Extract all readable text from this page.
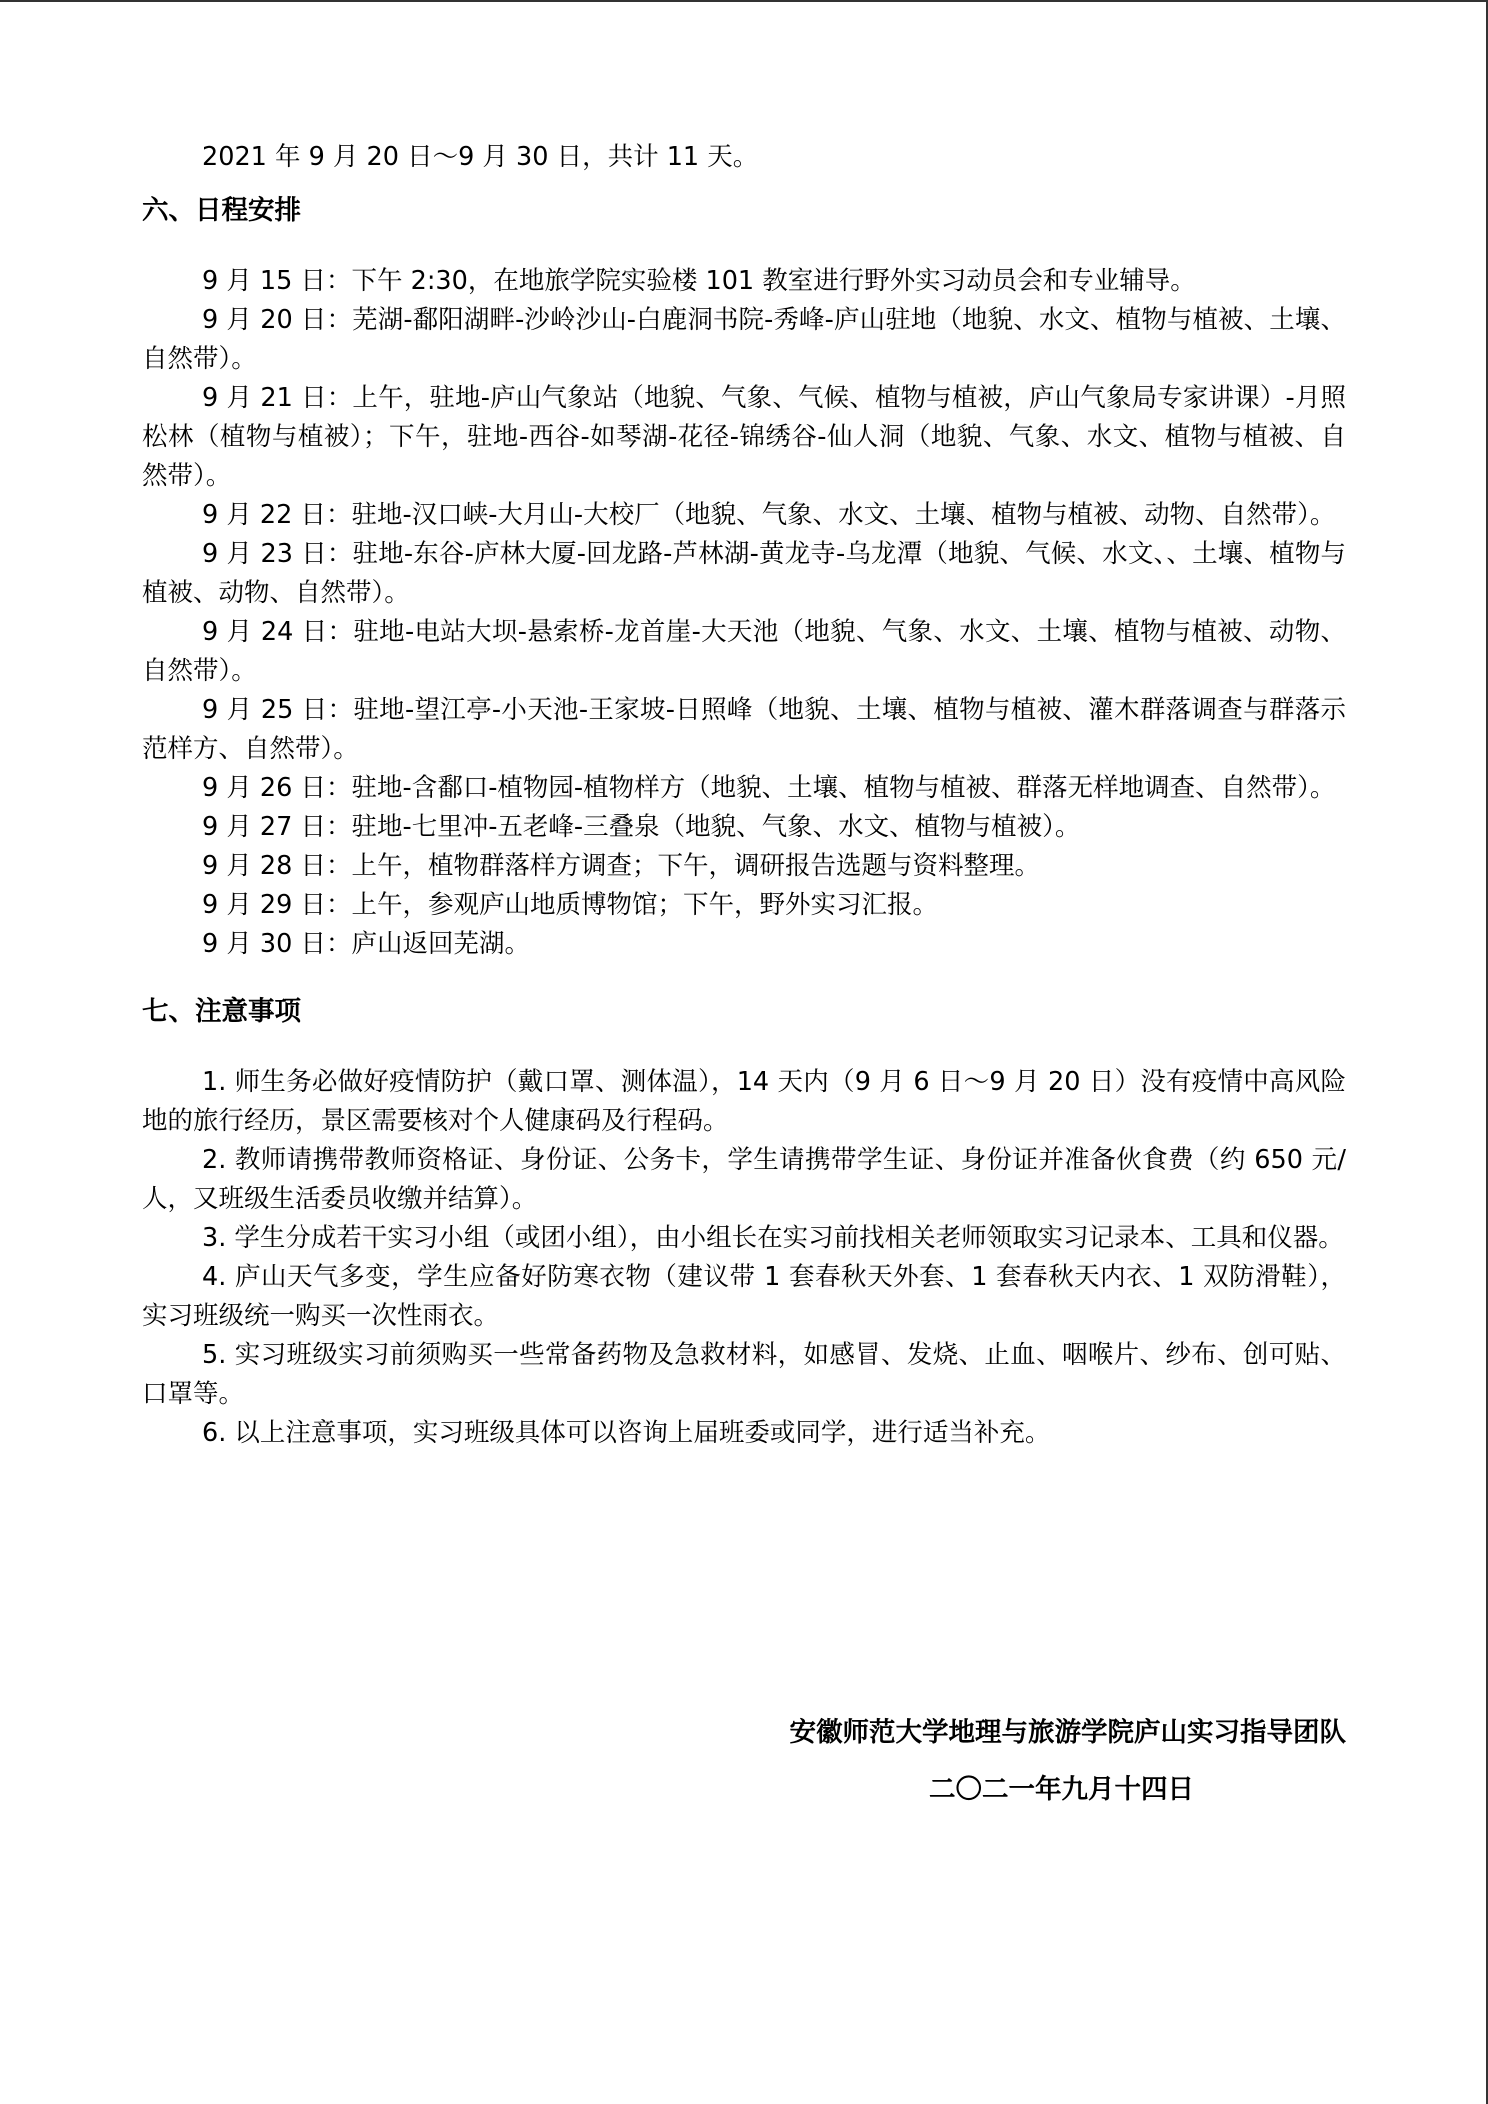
2021 年 9 月 20 日～9 月 30 日，共计 11 天。

六、日程安排

9 月 15 日：下午 2:30，在地旅学院实验楼 101 教室进行野外实习动员会和专业辅导。

9 月 20 日：芜湖-鄱阳湖畔-沙岭沙山-白鹿洞书院-秀峰-庐山驻地（地貌、水文、植物与植被、土壤、自然带）。

9 月 21 日：上午，驻地-庐山气象站（地貌、气象、气候、植物与植被，庐山气象局专家讲课）-月照松林（植物与植被）；下午，驻地-西谷-如琴湖-花径-锦绣谷-仙人洞（地貌、气象、水文、植物与植被、自然带）。

9 月 22 日：驻地-汉口峡-大月山-大校厂（地貌、气象、水文、土壤、植物与植被、动物、自然带）。

9 月 23 日：驻地-东谷-庐林大厦-回龙路-芦林湖-黄龙寺-乌龙潭（地貌、气候、水文、、土壤、植物与植被、动物、自然带）。

9 月 24 日：驻地-电站大坝-悬索桥-龙首崖-大天池（地貌、气象、水文、土壤、植物与植被、动物、自然带）。

9 月 25 日：驻地-望江亭-小天池-王家坡-日照峰（地貌、土壤、植物与植被、灌木群落调查与群落示范样方、自然带）。

9 月 26 日：驻地-含鄱口-植物园-植物样方（地貌、土壤、植物与植被、群落无样地调查、自然带）。

9 月 27 日：驻地-七里冲-五老峰-三叠泉（地貌、气象、水文、植物与植被）。

9 月 28 日：上午，植物群落样方调查；下午，调研报告选题与资料整理。

9 月 29 日：上午，参观庐山地质博物馆；下午，野外实习汇报。

9 月 30 日：庐山返回芜湖。

七、注意事项

1. 师生务必做好疫情防护（戴口罩、测体温），14 天内（9 月 6 日～9 月 20 日）没有疫情中高风险地的旅行经历，景区需要核对个人健康码及行程码。

2. 教师请携带教师资格证、身份证、公务卡，学生请携带学生证、身份证并准备伙食费（约 650 元/人，又班级生活委员收缴并结算）。

3. 学生分成若干实习小组（或团小组），由小组长在实习前找相关老师领取实习记录本、工具和仪器。

4. 庐山天气多变，学生应备好防寒衣物（建议带 1 套春秋天外套、1 套春秋天内衣、1 双防滑鞋），实习班级统一购买一次性雨衣。

5. 实习班级实习前须购买一些常备药物及急救材料，如感冒、发烧、止血、咽喉片、纱布、创可贴、口罩等。

6. 以上注意事项，实习班级具体可以咨询上届班委或同学，进行适当补充。

安徽师范大学地理与旅游学院庐山实习指导团队

二〇二一年九月十四日
